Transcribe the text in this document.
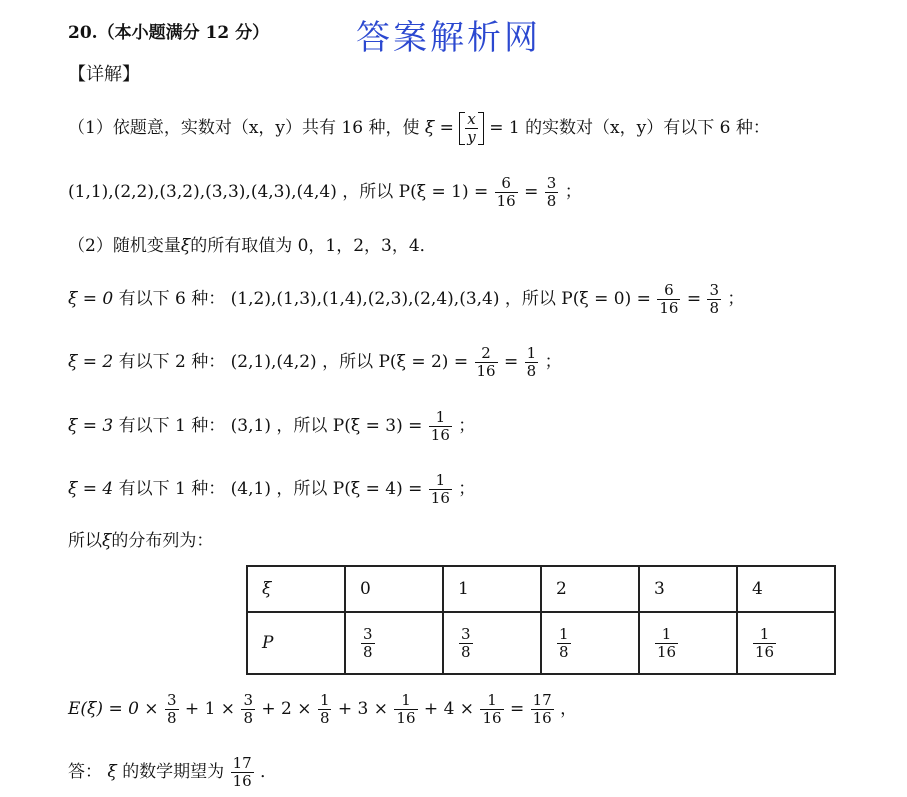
20.（本小题满分 12 分）	答案解析网
【详解】
（1）依题意，实数对（x，y）共有 16 种，使 $\xi = \frac{x}{y} = 1$ 的实数对（x，y）有以下 6 种：
(1,1),(2,2),(3,2),(3,3),(4,3),(4,4) ，所以 $P(\xi = 1) = \frac{6}{16} = \frac{3}{8}$ ；
（2）随机变量ξ的所有取值为 0，1，2，3，4．
ξ = 0 有以下 6 种： (1,2),(1,3),(1,4),(2,3),(2,4),(3,4) ，所以 $P(\xi = 0) = \frac{6}{16} = \frac{3}{8}$ ；
ξ = 2 有以下 2 种： (2,1),(4,2) ，所以 $P(\xi = 2) = \frac{2}{16} = \frac{1}{8}$ ；
ξ = 3 有以下 1 种： (3,1) ，所以 $P(\xi = 3) = \frac{1}{16}$ ；
ξ = 4 有以下 1 种： (4,1) ，所以 $P(\xi = 4) = \frac{1}{16}$ ；
所以ξ的分布列为：
ξ	0	1	2	3	4
P	$\frac{3}{8}$	$\frac{3}{8}$	$\frac{1}{8}$	$\frac{1}{16}$	$\frac{1}{16}$
$E(\xi) = 0 \times \frac{3}{8} + 1 \times \frac{3}{8} + 2 \times \frac{1}{8} + 3 \times \frac{1}{16} + 4 \times \frac{1}{16} = \frac{17}{16}$ ，
答： ξ 的数学期望为 $\frac{17}{16}$ ．
